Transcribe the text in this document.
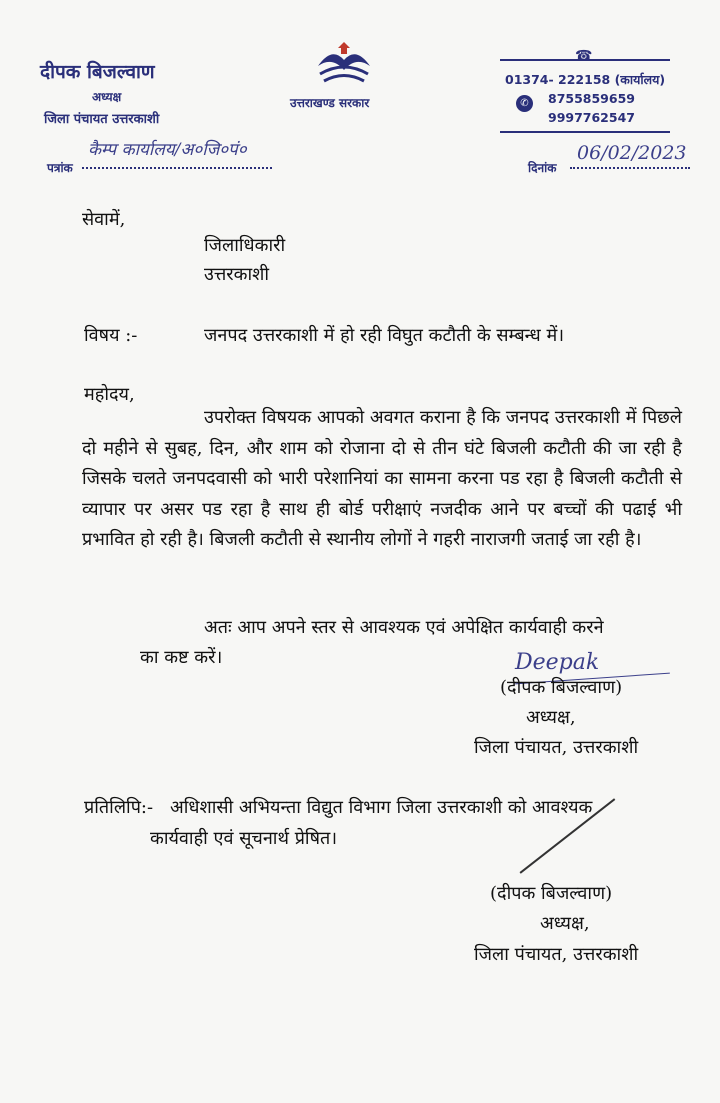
दीपक बिजल्वाण
अध्यक्ष
जिला पंचायत उत्तरकाशी
उत्तराखण्ड सरकार
☎
01374- 222158 (कार्यालय)
✆	8755859659
9997762547
पत्रांक
कैम्प कार्यालय/अ०जि०पं०
दिनांक
06/02/2023
सेवामें,
जिलाधिकारी
उत्तरकाशी
विषय :-	जनपद उत्तरकाशी में हो रही विघुत कटौती के सम्बन्ध में।
महोदय,
उपरोक्त विषयक आपको अवगत कराना है कि जनपद उत्तरकाशी में पिछले दो महीने से सुबह, दिन, और शाम को रोजाना दो से तीन घंटे बिजली कटौती की जा रही है जिसके चलते जनपदवासी को भारी परेशानियां का सामना करना पड रहा है बिजली कटौती से व्यापार पर असर पड रहा है साथ ही बोर्ड परीक्षाएं नजदीक आने पर बच्चों की पढाई भी प्रभावित हो रही है। बिजली कटौती से स्थानीय लोगों ने गहरी नाराजगी जताई जा रही है।
अतः आप अपने स्तर से आवश्यक एवं अपेक्षित कार्यवाही करने
का कष्ट करें।	Deepak
(दीपक बिजल्वाण)
अध्यक्ष,
जिला पंचायत, उत्तरकाशी
प्रतिलिपि:- अधिशासी अभियन्ता विद्युत विभाग जिला उत्तरकाशी को आवश्यक
कार्यवाही एवं सूचनार्थ प्रेषित।
(दीपक बिजल्वाण)
अध्यक्ष,
जिला पंचायत, उत्तरकाशी
